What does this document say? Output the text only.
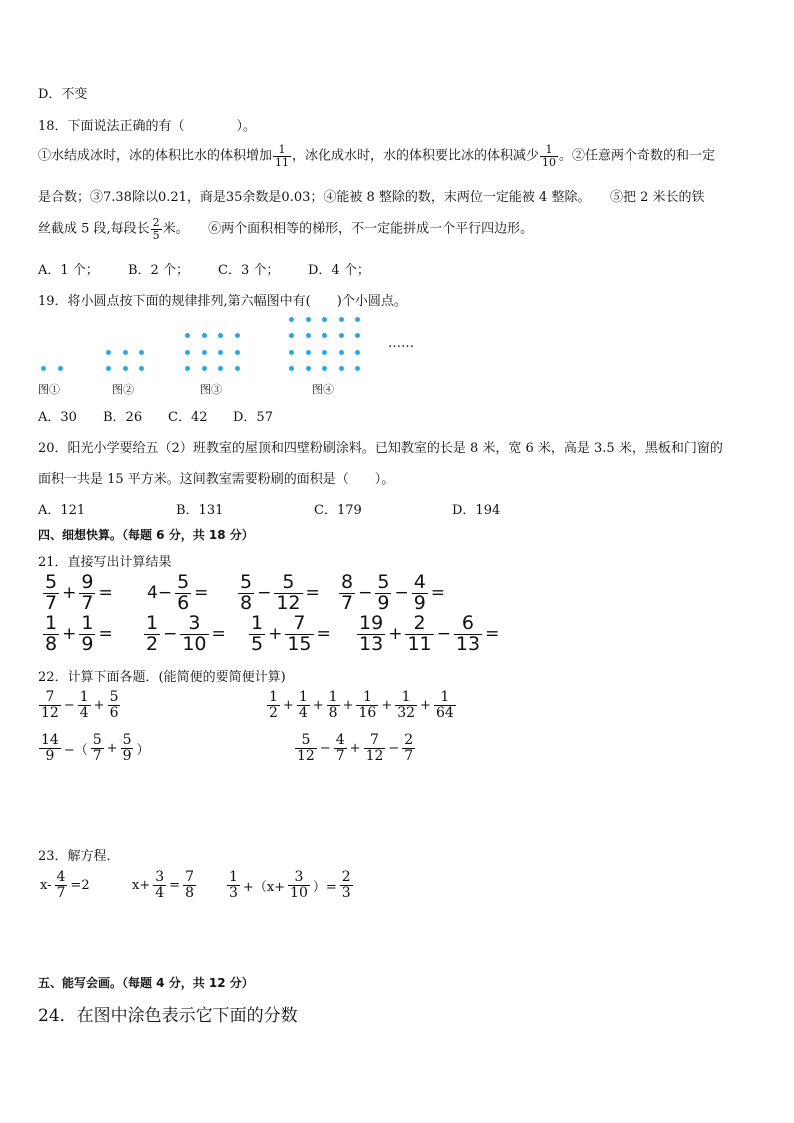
D．不变
18．下面说法正确的有（　　　　）。
①水结成冰时，冰的体积比水的体积增加 $\frac{1}{11}$ ，冰化成水时，水的体积要比冰的体积减少 $\frac{1}{10}$ 。②任意两个奇数的和一定
是合数；③7.38除以0.21，商是35余数是0.03；④能被 8 整除的数，末两位一定能被 4 整除。　　⑤把 2 米长的铁
丝截成 5 段,每段长 $\frac{2}{5}$ 米。　　⑥两个面积相等的梯形，不一定能拼成一个平行四边形。
A．1 个； B．2 个； C．3 个； D．4 个；
19．将小圆点按下面的规律排列,第六幅图中有(　　)个小圆点。
……
图①	图②	图③	图④
A．30 B．26 C．42 D．57
20．阳光小学要给五（2）班教室的屋顶和四壁粉刷涂料。已知教室的长是 8 米，宽 6 米，高是 3.5 米，黑板和门窗的
面积一共是 15 平方米。这间教室需要粉刷的面积是（　　）。
A．121	B．131	C．179	D．194
四、细想快算。（每题 6 分，共 18 分）
21．直接写出计算结果
$\frac{5}{7} + \frac{9}{7} = 4- \frac{5}{6} = \frac{5}{8} - \frac{5}{12} = \frac{8}{7} - \frac{5}{9} - \frac{4}{9}$ =
$\frac{1}{8} + \frac{1}{9} = \frac{1}{2} - \frac{3}{10} = \frac{1}{5} + \frac{7}{15} = \frac{19}{13} + \frac{2}{11} - \frac{6}{13}$ =
22．计算下面各题．(能简便的要简便计算)
$\frac{7}{12} - \frac{1}{4} + \frac{5}{6}$	$\frac{1}{2} + \frac{1}{4} + \frac{1}{8} + \frac{1}{16} + \frac{1}{32} + \frac{1}{64}$
$\frac{14}{9}$ −（ $\frac{5}{7} + \frac{5}{9}$ ）	$\frac{5}{12} - \frac{4}{7} + \frac{7}{12} - \frac{2}{7}$
23．解方程．
$x- \frac{4}{7} =2$	$x+ \frac{3}{4} = \frac{7}{8} \frac{1}{3} +(x+ \frac{3}{10}$ ）= $\frac{2}{3}$
五、能写会画。（每题 4 分，共 12 分）
24．在图中涂色表示它下面的分数
